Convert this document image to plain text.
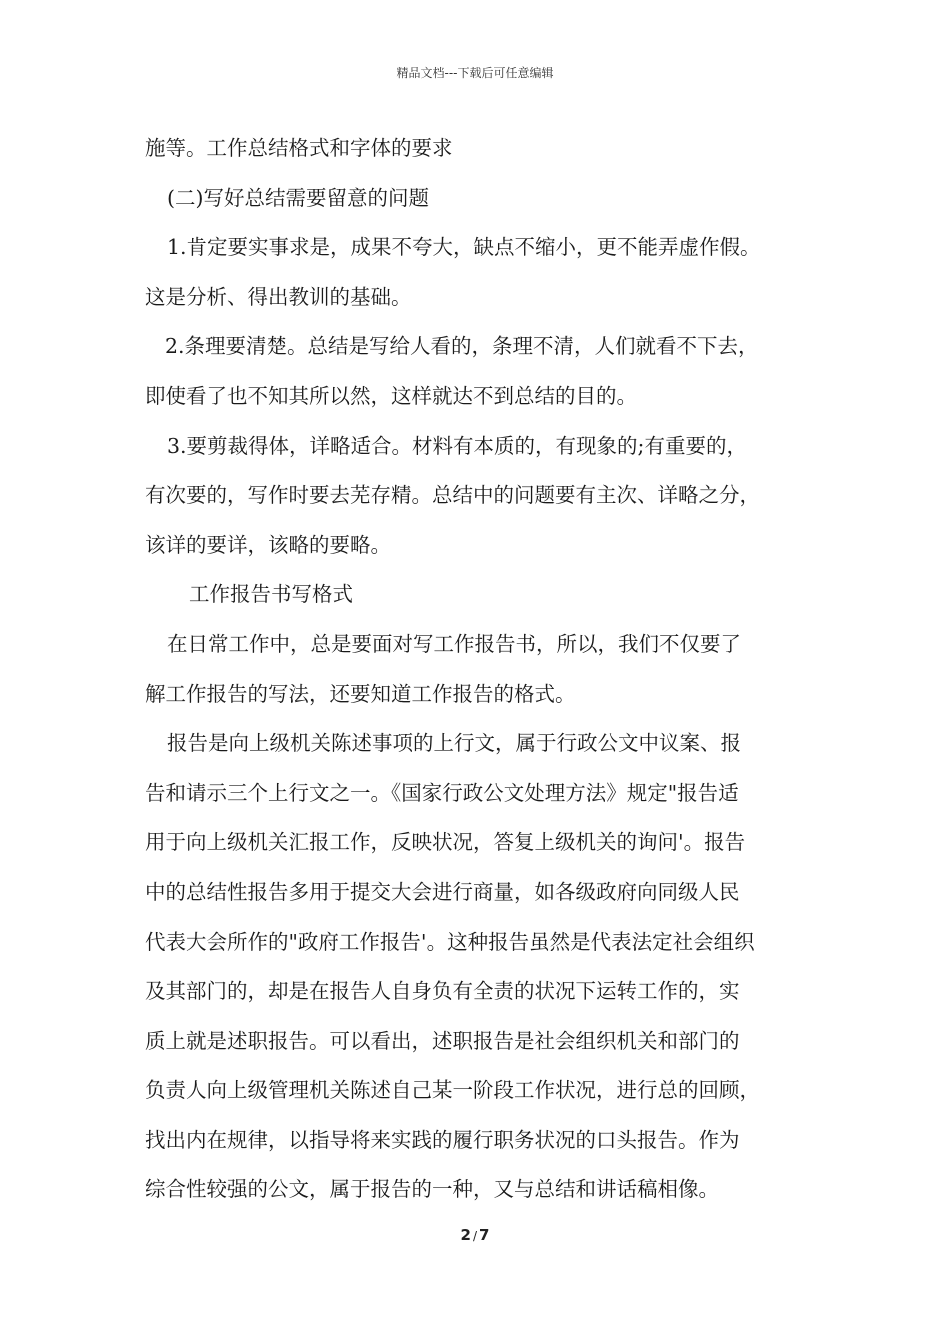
精品文档---下载后可任意编辑
施等。工作总结格式和字体的要求
(二)写好总结需要留意的问题
1.肯定要实事求是，成果不夸大，缺点不缩小，更不能弄虚作假。
这是分析、得出教训的基础。
2.条理要清楚。总结是写给人看的，条理不清，人们就看不下去，
即使看了也不知其所以然，这样就达不到总结的目的。
3.要剪裁得体，详略适合。材料有本质的，有现象的;有重要的，
有次要的，写作时要去芜存精。总结中的问题要有主次、详略之分，
该详的要详，该略的要略。
工作报告书写格式
在日常工作中，总是要面对写工作报告书，所以，我们不仅要了
解工作报告的写法，还要知道工作报告的格式。
报告是向上级机关陈述事项的上行文，属于行政公文中议案、报
告和请示三个上行文之一。《国家行政公文处理方法》规定"报告适
用于向上级机关汇报工作，反映状况，答复上级机关的询问'。报告
中的总结性报告多用于提交大会进行商量，如各级政府向同级人民
代表大会所作的"政府工作报告'。这种报告虽然是代表法定社会组织
及其部门的，却是在报告人自身负有全责的状况下运转工作的，实
质上就是述职报告。可以看出，述职报告是社会组织机关和部门的
负责人向上级管理机关陈述自己某一阶段工作状况，进行总的回顾，
找出内在规律，以指导将来实践的履行职务状况的口头报告。作为
综合性较强的公文，属于报告的一种，又与总结和讲话稿相像。
2 / 7
